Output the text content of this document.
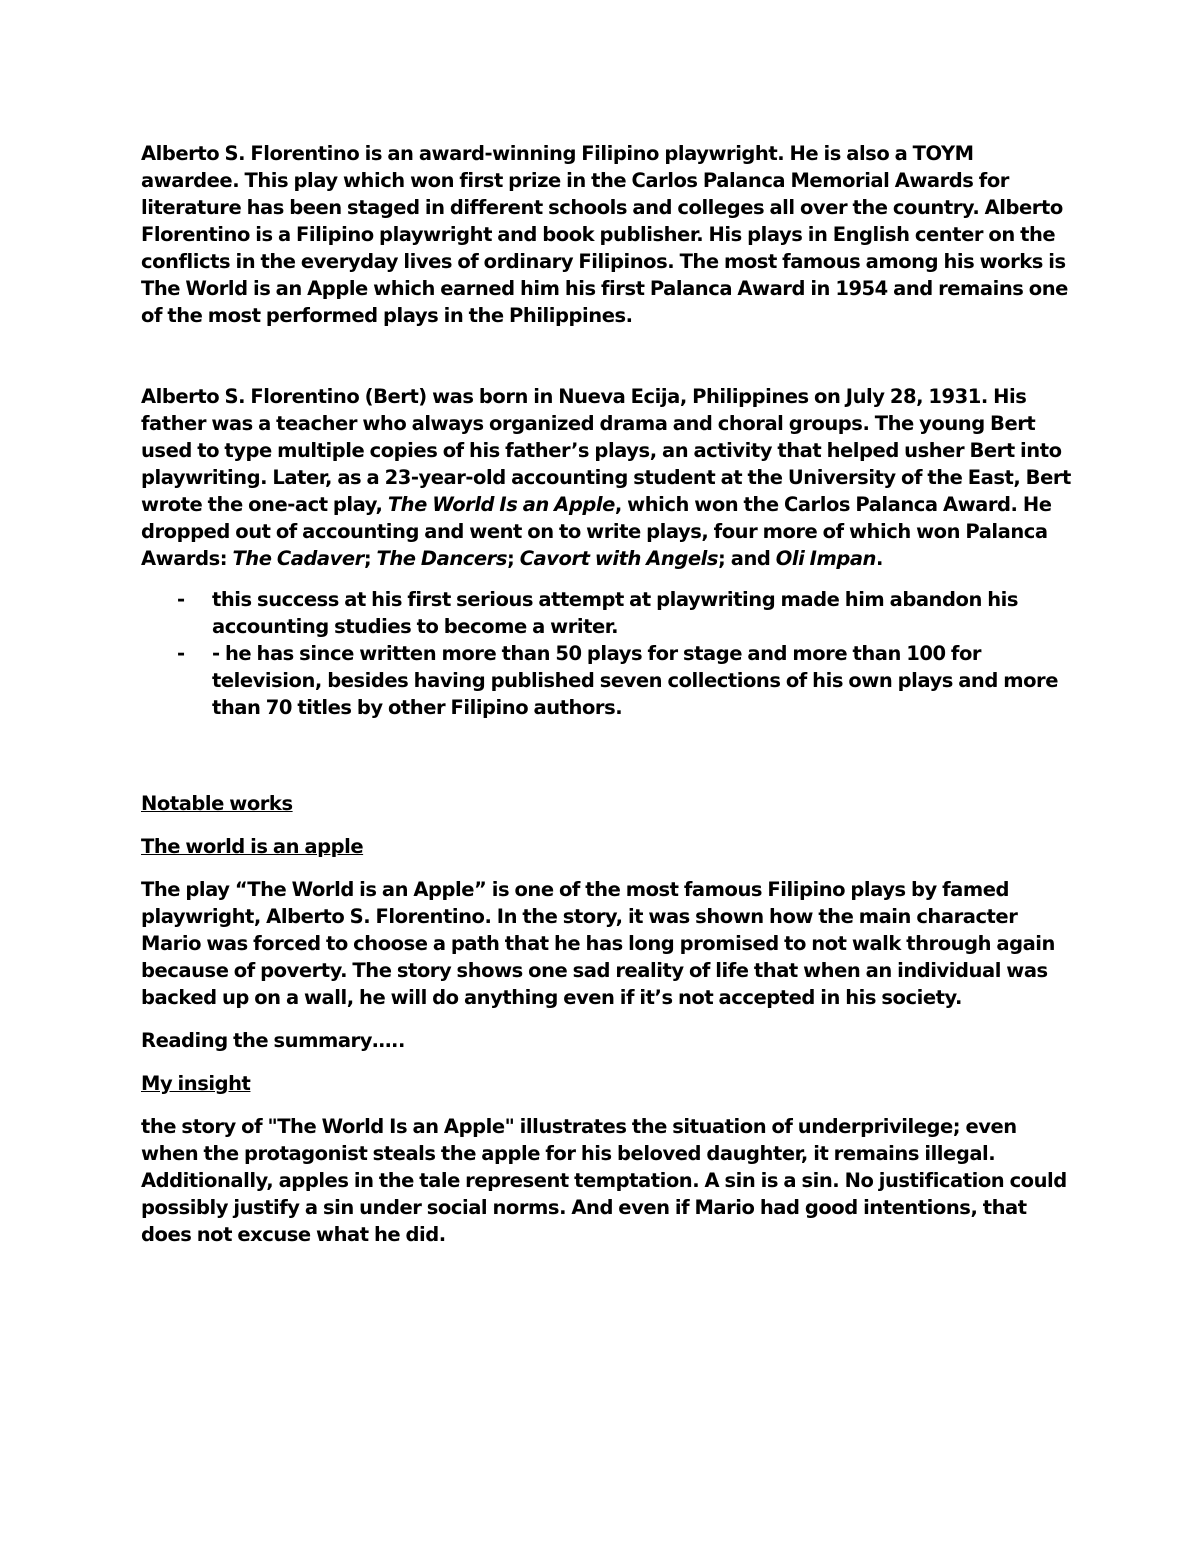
Alberto S. Florentino is an award-winning Filipino playwright. He is also a TOYM awardee. This play which won first prize in the Carlos Palanca Memorial Awards for literature has been staged in different schools and colleges all over the country. Alberto Florentino is a Filipino playwright and book publisher. His plays in English center on the conflicts in the everyday lives of ordinary Filipinos. The most famous among his works is The World is an Apple which earned him his first Palanca Award in 1954 and remains one of the most performed plays in the Philippines.

Alberto S. Florentino (Bert) was born in Nueva Ecija, Philippines on July 28, 1931. His father was a teacher who always organized drama and choral groups. The young Bert used to type multiple copies of his father’s plays, an activity that helped usher Bert into playwriting. Later, as a 23-year-old accounting student at the University of the East, Bert wrote the one-act play, The World Is an Apple, which won the Carlos Palanca Award. He dropped out of accounting and went on to write plays, four more of which won Palanca Awards: The Cadaver; The Dancers; Cavort with Angels; and Oli Impan.

- this success at his first serious attempt at playwriting made him abandon his accounting studies to become a writer.
- - he has since written more than 50 plays for stage and more than 100 for television, besides having published seven collections of his own plays and more than 70 titles by other Filipino authors.

Notable works

The world is an apple

The play “The World is an Apple” is one of the most famous Filipino plays by famed playwright, Alberto S. Florentino. In the story, it was shown how the main character Mario was forced to choose a path that he has long promised to not walk through again because of poverty. The story shows one sad reality of life that when an individual was backed up on a wall, he will do anything even if it’s not accepted in his society.

Reading the summary…..

My insight

the story of "The World Is an Apple" illustrates the situation of underprivilege; even when the protagonist steals the apple for his beloved daughter, it remains illegal. Additionally, apples in the tale represent temptation. A sin is a sin. No justification could possibly justify a sin under social norms. And even if Mario had good intentions, that does not excuse what he did.
